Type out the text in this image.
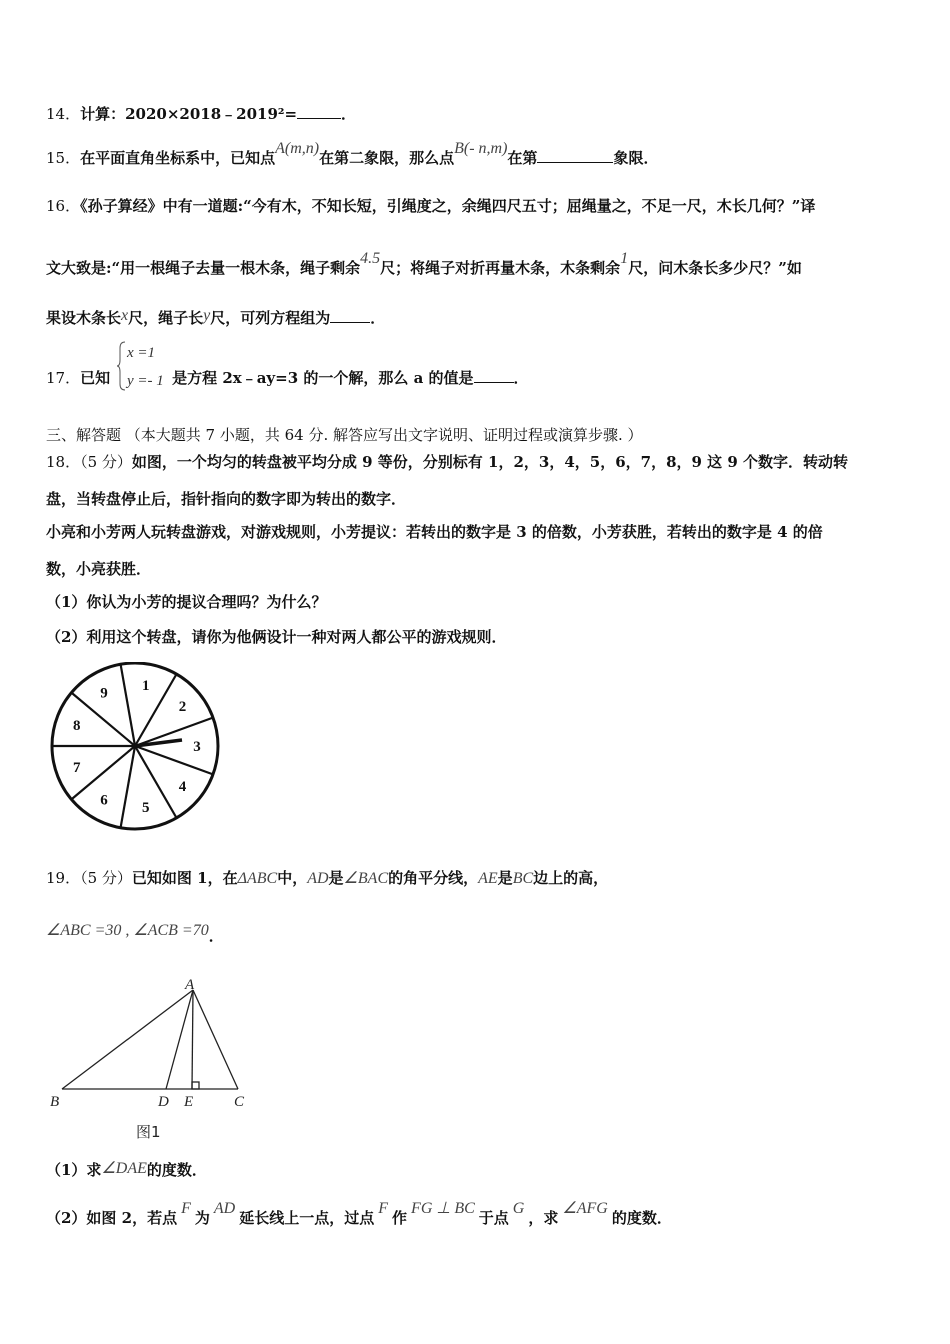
14．计算：2020×2018﹣2019²=	．
15．在平面直角坐标系中，已知点A(m,n)在第二象限，那么点B(- n,m)在第	象限．
16．《孙子算经》中有一道题:“今有木，不知长短，引绳度之，余绳四尺五寸；屈绳量之，不足一尺，木长几何？”译
文大致是:“用一根绳子去量一根木条，绳子剩余4.5尺；将绳子对折再量木条，木条剩余1尺，问木条长多少尺？”如
果设木条长x尺，绳子长y尺，可列方程组为	．
17．已知	是方程 2x﹣ay=3 的一个解，那么 a 的值是	．
x =1
y =- 1
三、解答题 （本大题共 7 小题，共 64 分. 解答应写出文字说明、证明过程或演算步骤. ）
18．（5 分）如图，一个均匀的转盘被平均分成 9 等份，分别标有 1，2，3，4，5，6，7，8，9 这 9 个数字．转动转
盘，当转盘停止后，指针指向的数字即为转出的数字．
小亮和小芳两人玩转盘游戏，对游戏规则，小芳提议：若转出的数字是 3 的倍数，小芳获胜，若转出的数字是 4 的倍
数，小亮获胜．
（1）你认为小芳的提议合理吗？为什么？
（2）利用这个转盘，请你为他俩设计一种对两人都公平的游戏规则．
1
2
3
4
5
6
7
8
9
19．（5 分）已知如图 1，在ΔABC中，AD是∠BAC的角平分线，AE是BC边上的高，
∠ABC =30 , ∠ACB =70．
A
B	D E	C
图1
（1）求∠DAE的度数．
（2）如图 2，若点F为AD延长线上一点，过点F作FG ⊥ BC于点G，求∠AFG的度数．
